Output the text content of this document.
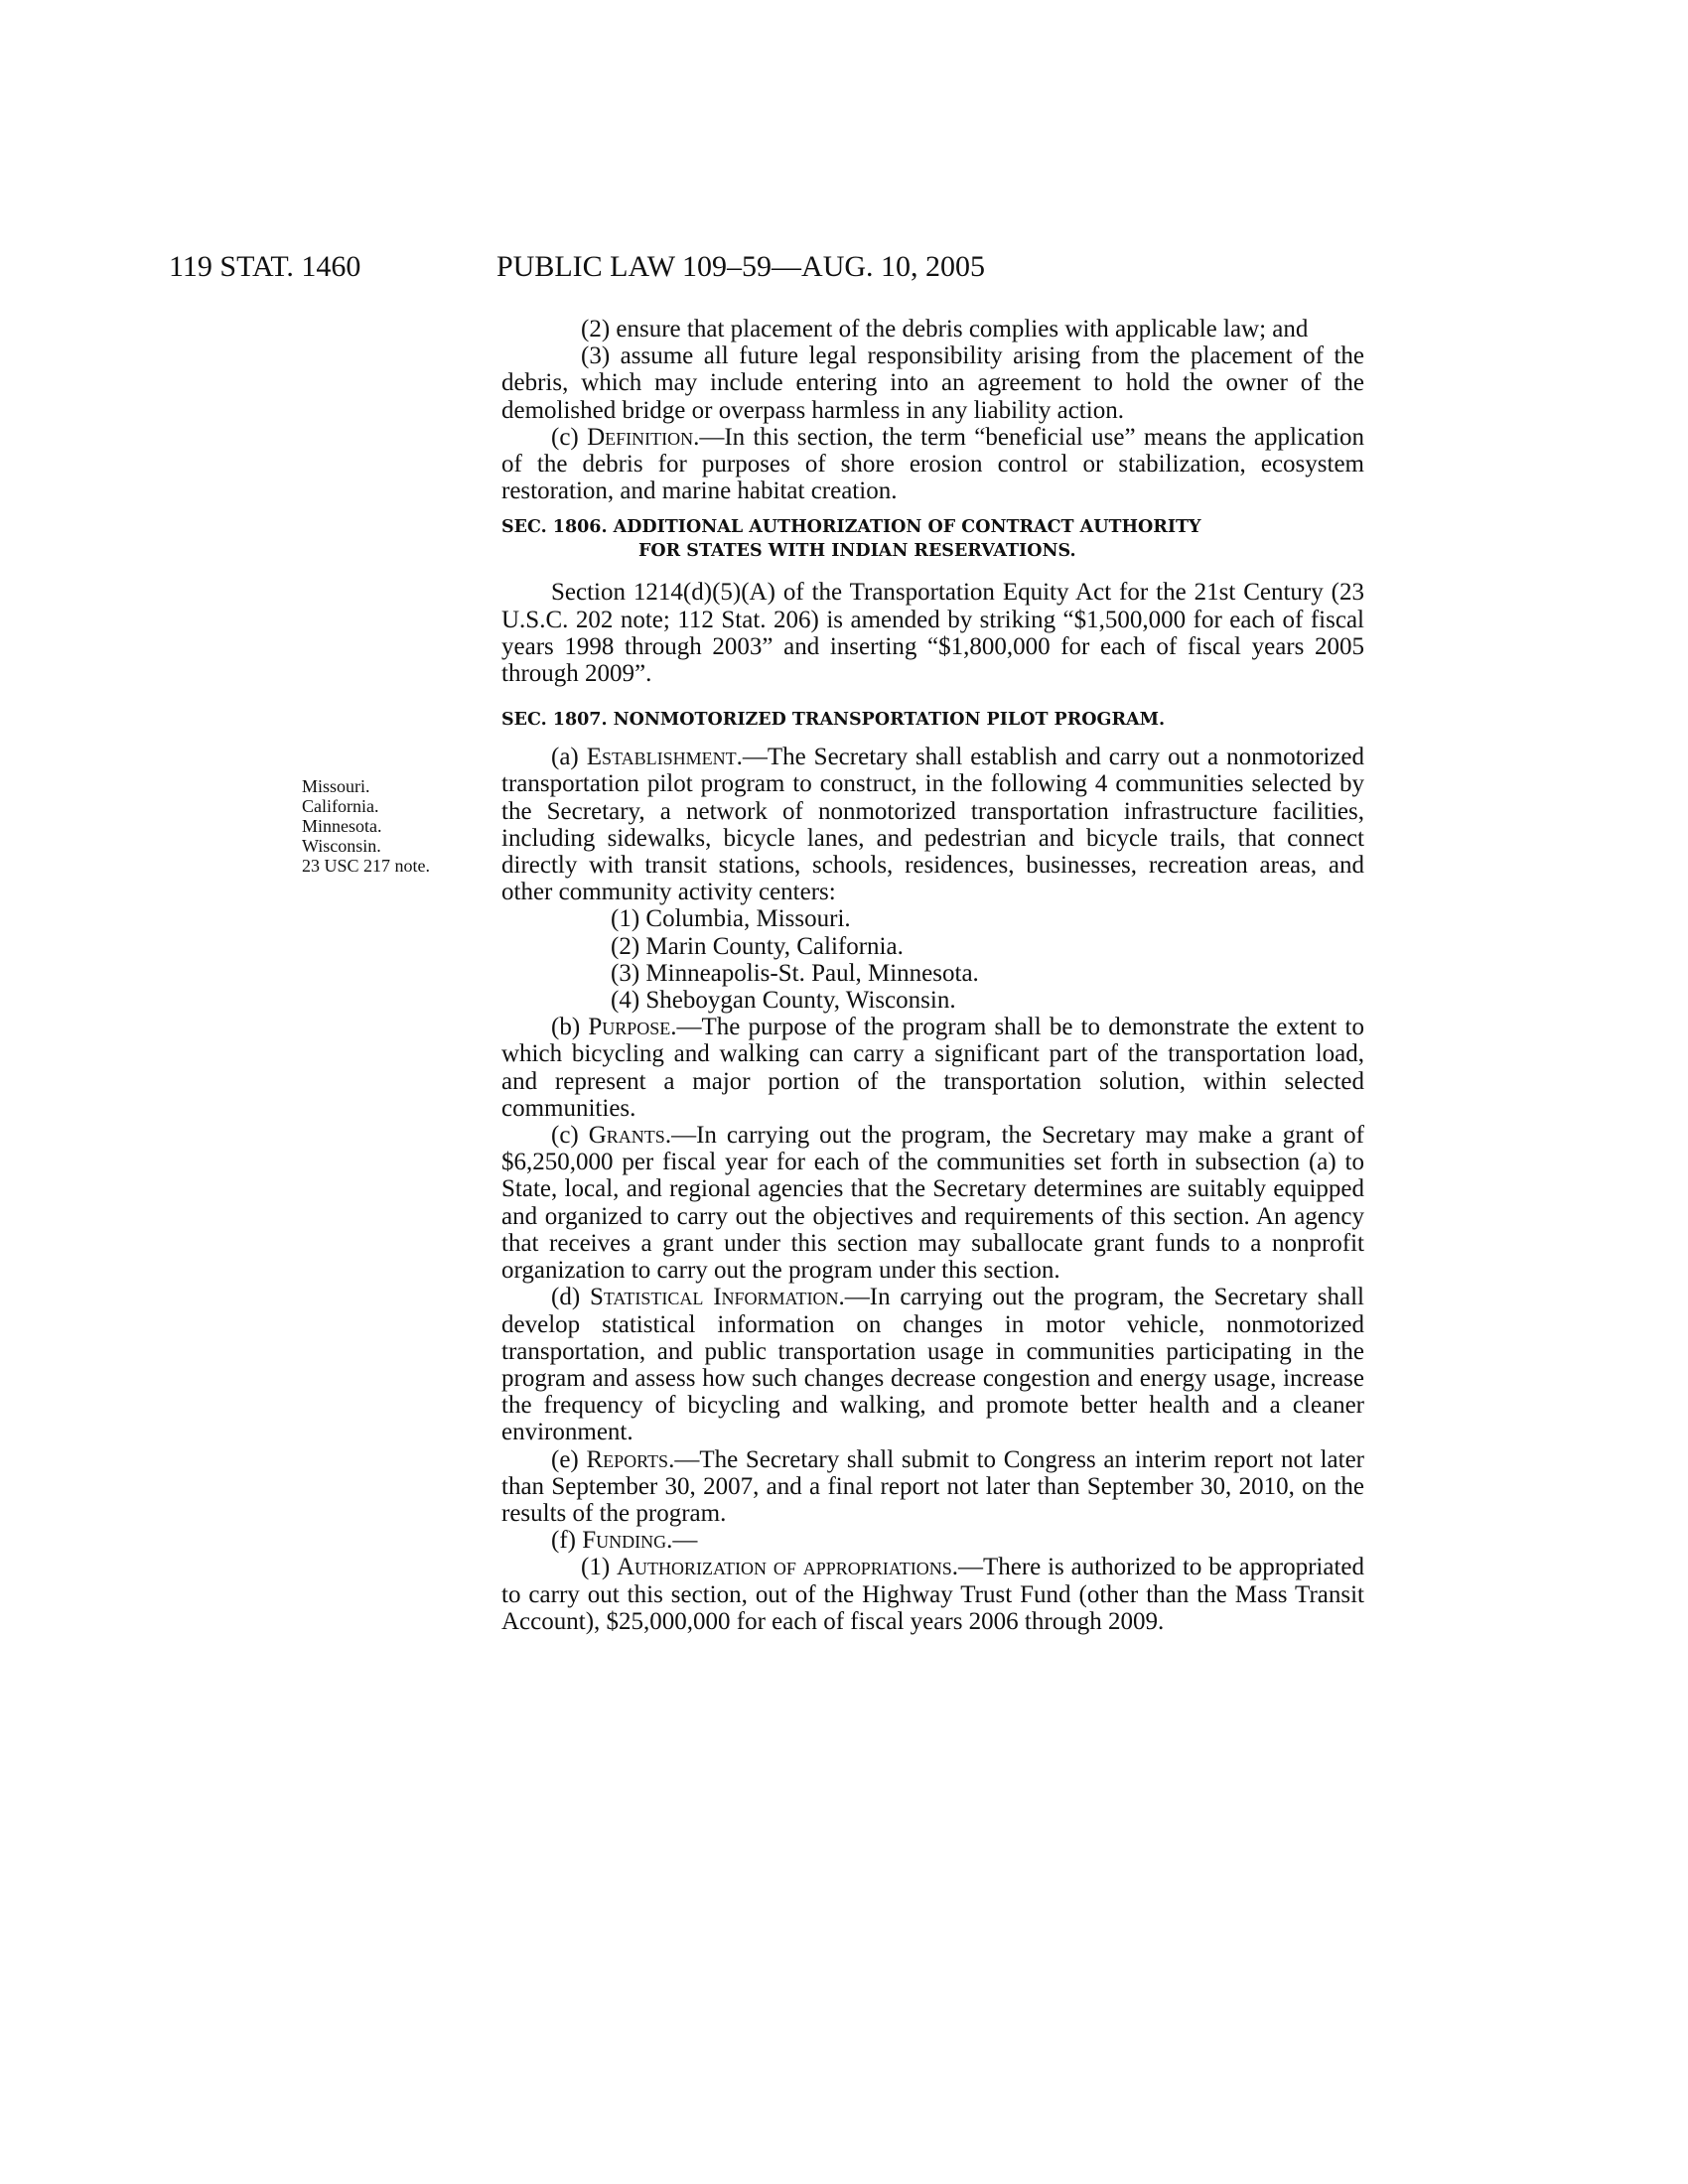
119 STAT. 1460	PUBLIC LAW 109–59—AUG. 10, 2005
Missouri.
California.
Minnesota.
Wisconsin.
23 USC 217 note.

(2) ensure that placement of the debris complies with applicable law; and

(3) assume all future legal responsibility arising from the placement of the debris, which may include entering into an agreement to hold the owner of the demolished bridge or overpass harmless in any liability action.

(c) Definition.—In this section, the term “beneficial use” means the application of the debris for purposes of shore erosion control or stabilization, ecosystem restoration, and marine habitat creation.

SEC. 1806. ADDITIONAL AUTHORIZATION OF CONTRACT AUTHORITY
FOR STATES WITH INDIAN RESERVATIONS.

Section 1214(d)(5)(A) of the Transportation Equity Act for the 21st Century (23 U.S.C. 202 note; 112 Stat. 206) is amended by striking “$1,500,000 for each of fiscal years 1998 through 2003” and inserting “$1,800,000 for each of fiscal years 2005 through 2009”.

SEC. 1807. NONMOTORIZED TRANSPORTATION PILOT PROGRAM.

(a) Establishment.—The Secretary shall establish and carry out a nonmotorized transportation pilot program to construct, in the following 4 communities selected by the Secretary, a network of nonmotorized transportation infrastructure facilities, including sidewalks, bicycle lanes, and pedestrian and bicycle trails, that connect directly with transit stations, schools, residences, businesses, recreation areas, and other community activity centers:

(1) Columbia, Missouri.

(2) Marin County, California.

(3) Minneapolis-St. Paul, Minnesota.

(4) Sheboygan County, Wisconsin.

(b) Purpose.—The purpose of the program shall be to demonstrate the extent to which bicycling and walking can carry a significant part of the transportation load, and represent a major portion of the transportation solution, within selected communities.

(c) Grants.—In carrying out the program, the Secretary may make a grant of $6,250,000 per fiscal year for each of the communities set forth in subsection (a) to State, local, and regional agencies that the Secretary determines are suitably equipped and organized to carry out the objectives and requirements of this section. An agency that receives a grant under this section may suballocate grant funds to a nonprofit organization to carry out the program under this section.

(d) Statistical Information.—In carrying out the program, the Secretary shall develop statistical information on changes in motor vehicle, nonmotorized transportation, and public transportation usage in communities participating in the program and assess how such changes decrease congestion and energy usage, increase the frequency of bicycling and walking, and promote better health and a cleaner environment.

(e) Reports.—The Secretary shall submit to Congress an interim report not later than September 30, 2007, and a final report not later than September 30, 2010, on the results of the program.

(f) Funding.—

(1) Authorization of appropriations.—There is authorized to be appropriated to carry out this section, out of the Highway Trust Fund (other than the Mass Transit Account), $25,000,000 for each of fiscal years 2006 through 2009.
